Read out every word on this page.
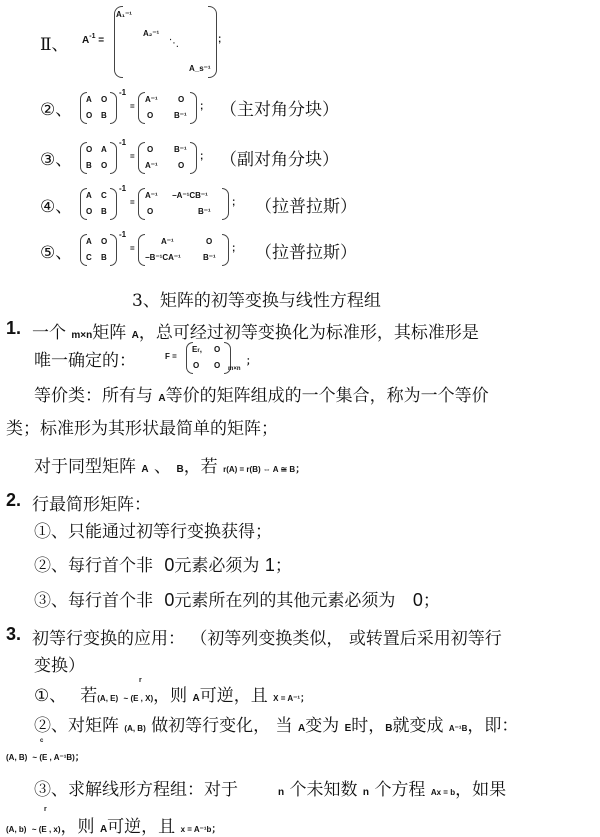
Ⅱ、 $A^{-1}$ =
A₁⁻¹
A₂⁻¹
⋱
A_s⁻¹
;
②、
A O
O B
-1
=
A⁻¹	O
O	B⁻¹
; （主对角分块）
③、
O A
B O
-1
=
O	B⁻¹
A⁻¹	O
; （副对角分块）
④、
A C
O B
-1
=
A⁻¹ −A⁻¹CB⁻¹
O	B⁻¹
; （拉普拉斯）
⑤、
A O
C B
-1
=
A⁻¹	O
−B⁻¹CA⁻¹	B⁻¹
; （拉普拉斯）
3、矩阵的初等变换与线性方程组
1. 一个 m×n矩阵 A，总可经过初等变换化为标准形，其标准形是
唯一确定的：	F =
Er, O
O O m×n
；
等价类：所有与 A等价的矩阵组成的一个集合，称为一个等价
类；标准形为其形状最简单的矩阵；
对于同型矩阵 A 、 B，若 r(A) = r(B) ⇔ A ≅ B；
2. 行最简形矩阵：
①、只能通过初等行变换获得；
②、每行首个非 0元素必须为 1；
③、每行首个非 0元素所在列的其他元素必须为 0；
3. 初等行变换的应用： （初等列变换类似， 或转置后采用初等行
变换）
①、 若(A, E) ~ (E , X)，则 A可逆，且 X = A⁻¹；
r
②、对矩阵 (A, B) 做初等行变化， 当 A变为 E时，B就变成 A⁻¹B，即：
(A, B) ~ (E , A⁻¹B)；
c
③、求解线形方程组：对于	n 个未知数 n 个方程 Ax = b，如果
(A, b) ~ (E , x)，则 A可逆，且 x = A⁻¹b；
r
